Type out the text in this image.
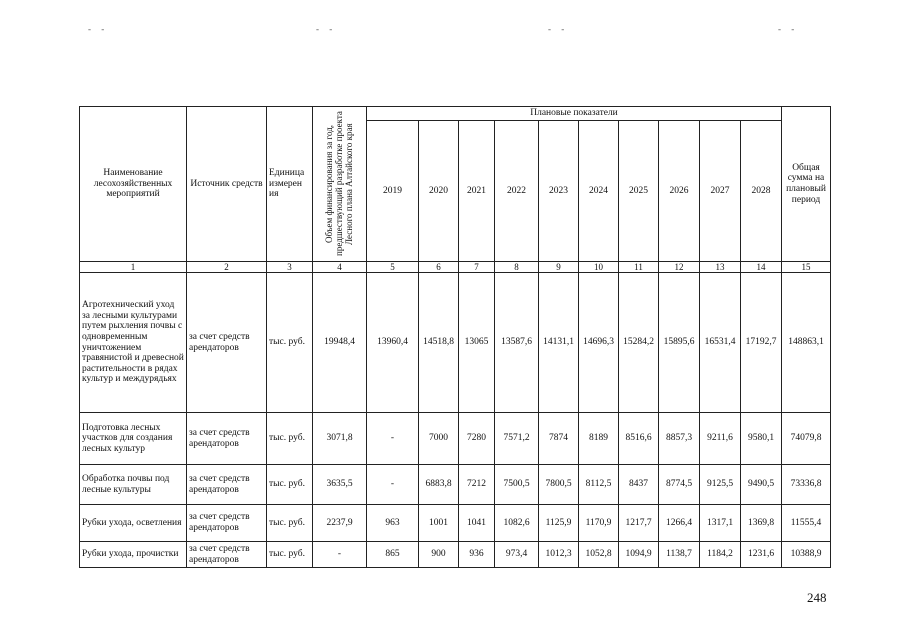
- -	- -	- -	- -
Наименование лесохозяйственных мероприятий	Источник средств	Единица измерен ия	Объем финансирования за год, предшествующий разработке проекта Лесного плана Алтайского края	Плановые показатели										Общая сумма на плановый период
				2019	2020	2021	2022	2023	2024	2025	2026	2027	2028	
1	2	3	4	5	6	7	8	9	10	11	12	13	14	15
Агротехнический уход за лесными культурами путем рыхления почвы с одновременным уничтожением травянистой и древесной растительности в рядах культур и междурядьях	за счет средств арендаторов	тыс. руб.	19948,4	13960,4	14518,8	13065	13587,6	14131,1	14696,3	15284,2	15895,6	16531,4	17192,7	148863,1
Подготовка лесных участков для создания лесных культур	за счет средств арендаторов	тыс. руб.	3071,8	-	7000	7280	7571,2	7874	8189	8516,6	8857,3	9211,6	9580,1	74079,8
Обработка почвы под лесные культуры	за счет средств арендаторов	тыс. руб.	3635,5	-	6883,8	7212	7500,5	7800,5	8112,5	8437	8774,5	9125,5	9490,5	73336,8
Рубки ухода, осветления	за счет средств арендаторов	тыс. руб.	2237,9	963	1001	1041	1082,6	1125,9	1170,9	1217,7	1266,4	1317,1	1369,8	11555,4
Рубки ухода, прочистки	за счет средств арендаторов	тыс. руб.	-	865	900	936	973,4	1012,3	1052,8	1094,9	1138,7	1184,2	1231,6	10388,9
248
